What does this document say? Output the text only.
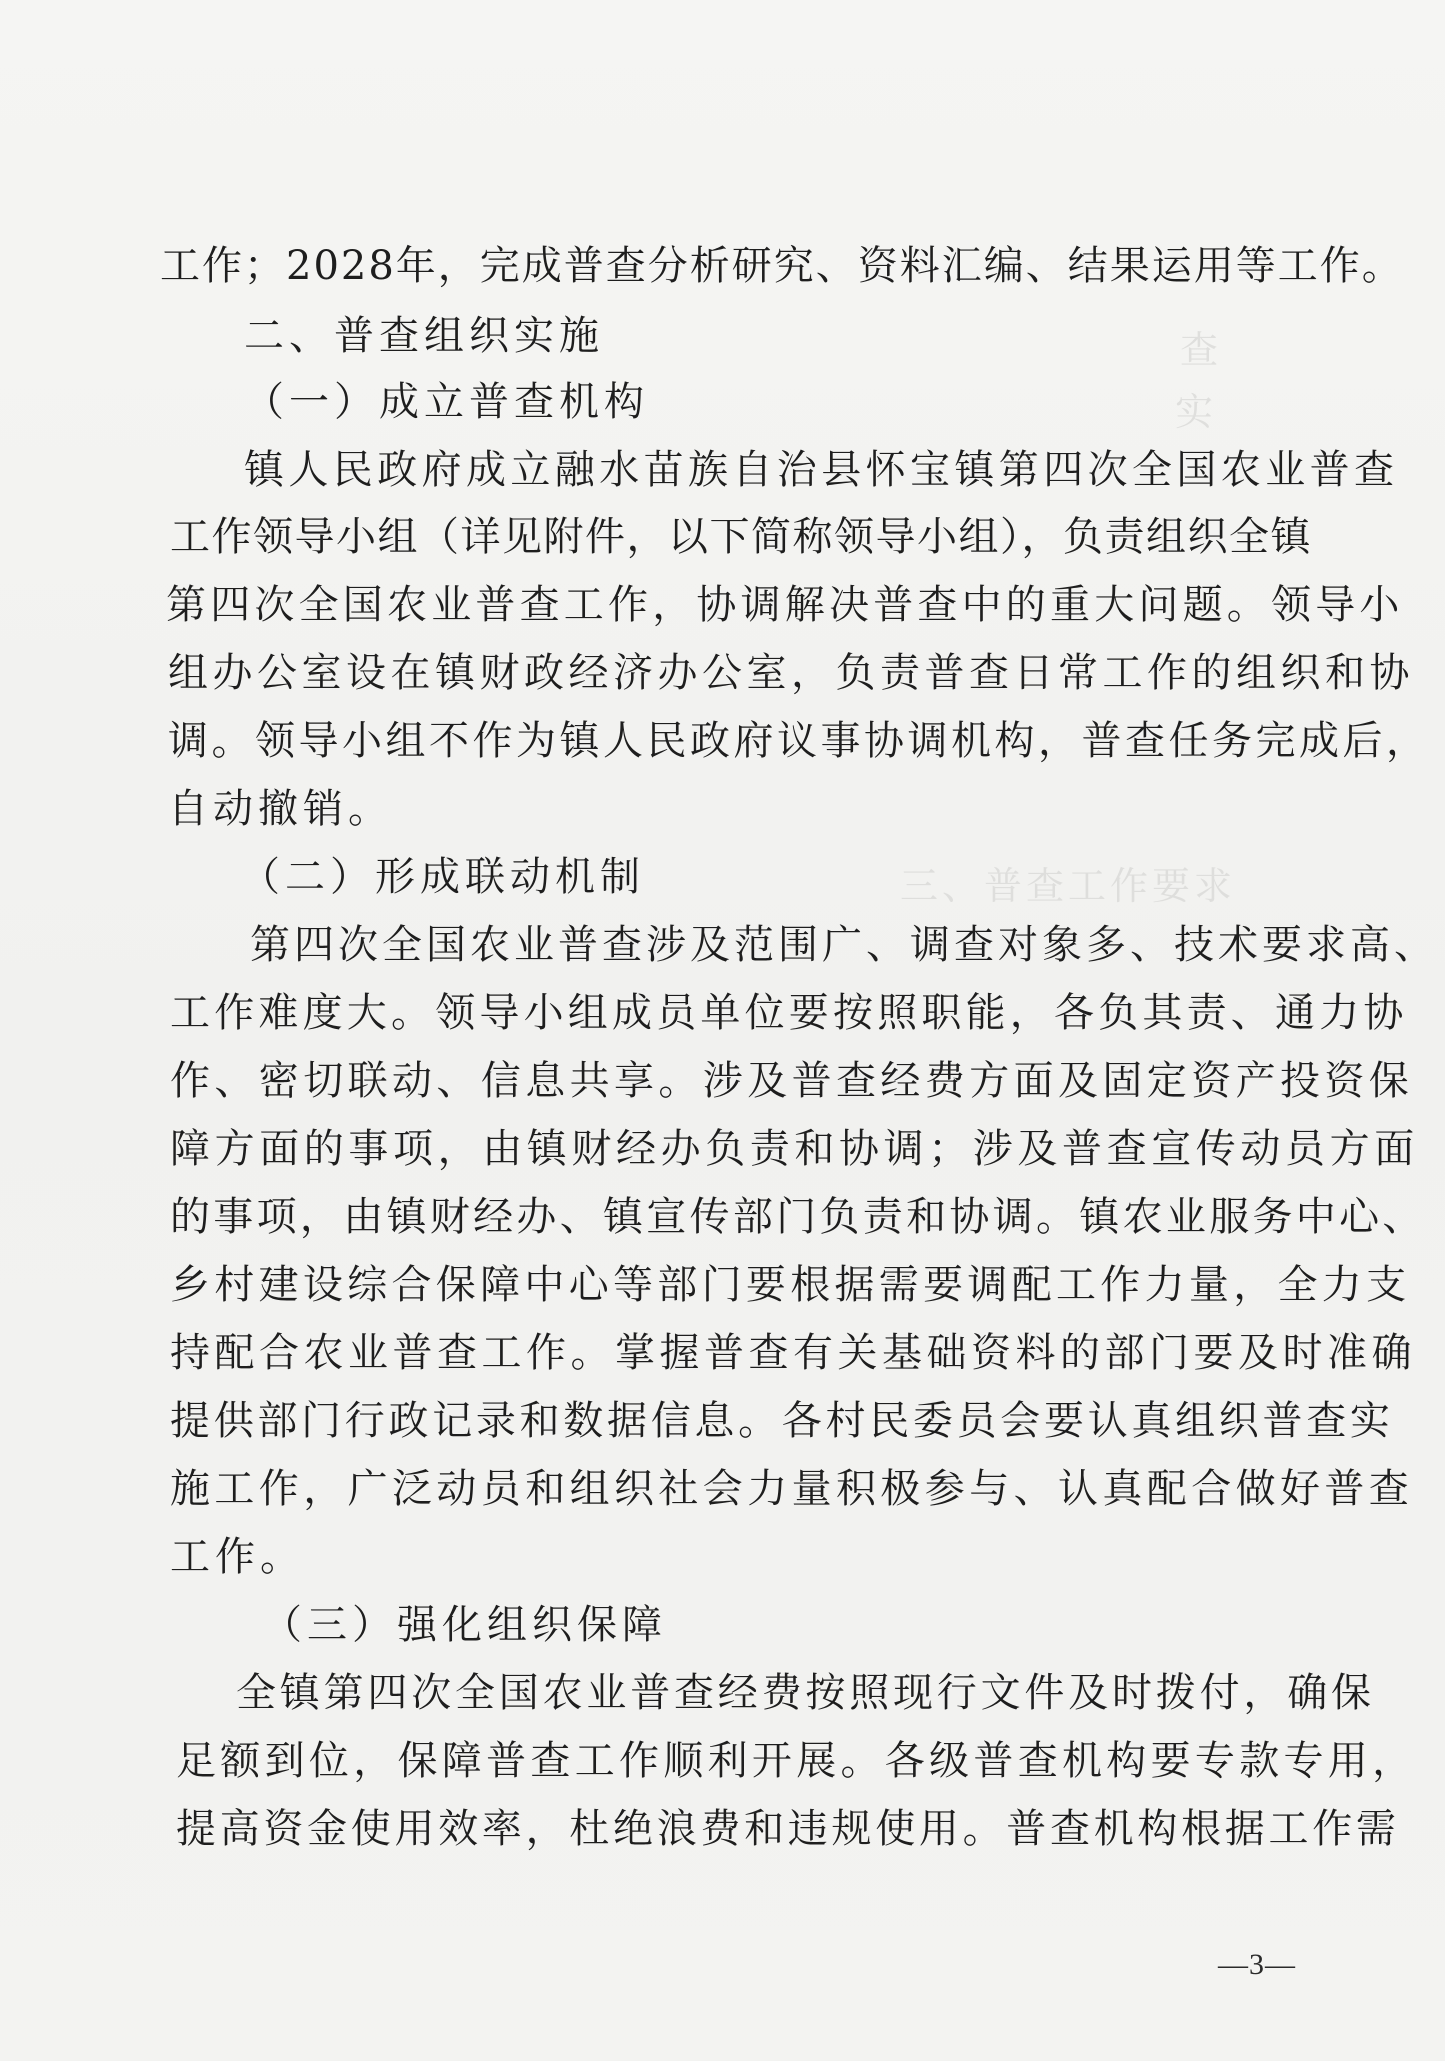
查
实
三、普查工作要求
工作；2028年，完成普查分析研究、资料汇编、结果运用等工作。
二、普查组织实施
（一）成立普查机构
镇人民政府成立融水苗族自治县怀宝镇第四次全国农业普查
工作领导小组（详见附件，以下简称领导小组），负责组织全镇
第四次全国农业普查工作，协调解决普查中的重大问题。领导小
组办公室设在镇财政经济办公室，负责普查日常工作的组织和协
调。领导小组不作为镇人民政府议事协调机构，普查任务完成后，
自动撤销。
（二）形成联动机制
第四次全国农业普查涉及范围广、调查对象多、技术要求高、
工作难度大。领导小组成员单位要按照职能，各负其责、通力协
作、密切联动、信息共享。涉及普查经费方面及固定资产投资保
障方面的事项，由镇财经办负责和协调；涉及普查宣传动员方面
的事项，由镇财经办、镇宣传部门负责和协调。镇农业服务中心、
乡村建设综合保障中心等部门要根据需要调配工作力量，全力支
持配合农业普查工作。掌握普查有关基础资料的部门要及时准确
提供部门行政记录和数据信息。各村民委员会要认真组织普查实
施工作，广泛动员和组织社会力量积极参与、认真配合做好普查
工作。
（三）强化组织保障
全镇第四次全国农业普查经费按照现行文件及时拨付，确保
足额到位，保障普查工作顺利开展。各级普查机构要专款专用，
提高资金使用效率，杜绝浪费和违规使用。普查机构根据工作需
—3—
